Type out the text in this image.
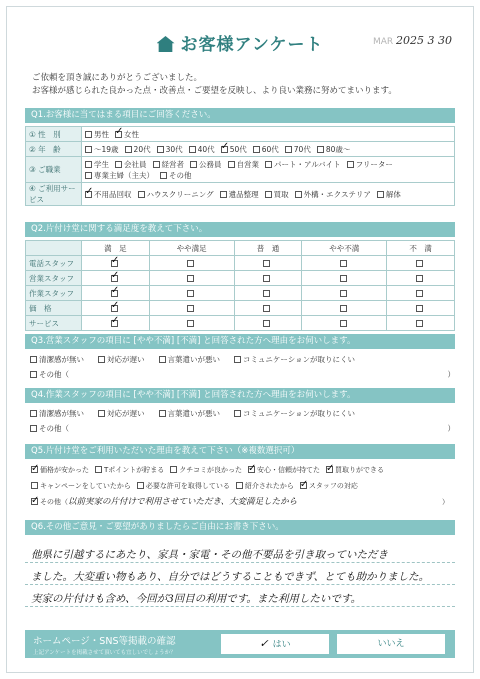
お客様アンケート	MAR 2025 3 30
ご依頼を頂き誠にありがとうございました。
お客様が感じられた良かった点・改善点・ご要望を反映し、より良い業務に努めてまいります。
Q1.お客様に当てはまる項目にご回答ください。
① 性　別	男性 ✓ 女性
② 年　齢	～19歳 20代 30代 40代 ✓ 50代 60代 70代 80歳～
③ ご職業	学生 会社員 経営者 公務員 自営業 パート・アルバイト フリーター専業主婦（主夫） その他
④ ご利用サービス	✓不用品回収 ハウスクリーニング 遺品整理 買取 外構・エクステリア 解体
Q2.片付け堂に関する満足度を教えて下さい。
	満　足	やや満足	普　通	やや不満	不　満
電話スタッフ	✓				
営業スタッフ	✓				
作業スタッフ	✓				
価　格	✓				
サービス	✓				
Q3.営業スタッフの項目に [やや不満] [不満] と回答された方へ理由をお伺いします。
清潔感が無い	対応が遅い	言葉遣いが悪い	コミュニケーションが取りにくい
その他（	）
Q4.作業スタッフの項目に [やや不満] [不満] と回答された方へ理由をお伺いします。
清潔感が無い	対応が遅い	言葉遣いが悪い	コミュニケーションが取りにくい
その他（	）
Q5.片付け堂をご利用いただいた理由を教えて下さい（※複数選択可）
✓価格が安かった Tポイントが貯まる クチコミが良かった ✓ 安心・信頼が持てた ✓ 買取りができる
キャンペーンをしていたから 必要な許可を取得している 紹介されたから ✓ スタッフの対応
✓その他（以前実家の片付けで利用させていただき、大変満足したから	）
Q6.その他ご意見・ご要望がありましたらご自由にお書き下さい。
他県に引越するにあたり、家具・家電・その他不要品を引き取っていただき
ました。大変重い物もあり、自分ではどうすることもできず、とても助かりました。
実家の片付けも含め、今回が3回目の利用です。また利用したいです。
ホームページ・SNS等掲載の確認
上記アンケートを掲載させて頂いても宜しいでしょうか？
✓ はい	いいえ
